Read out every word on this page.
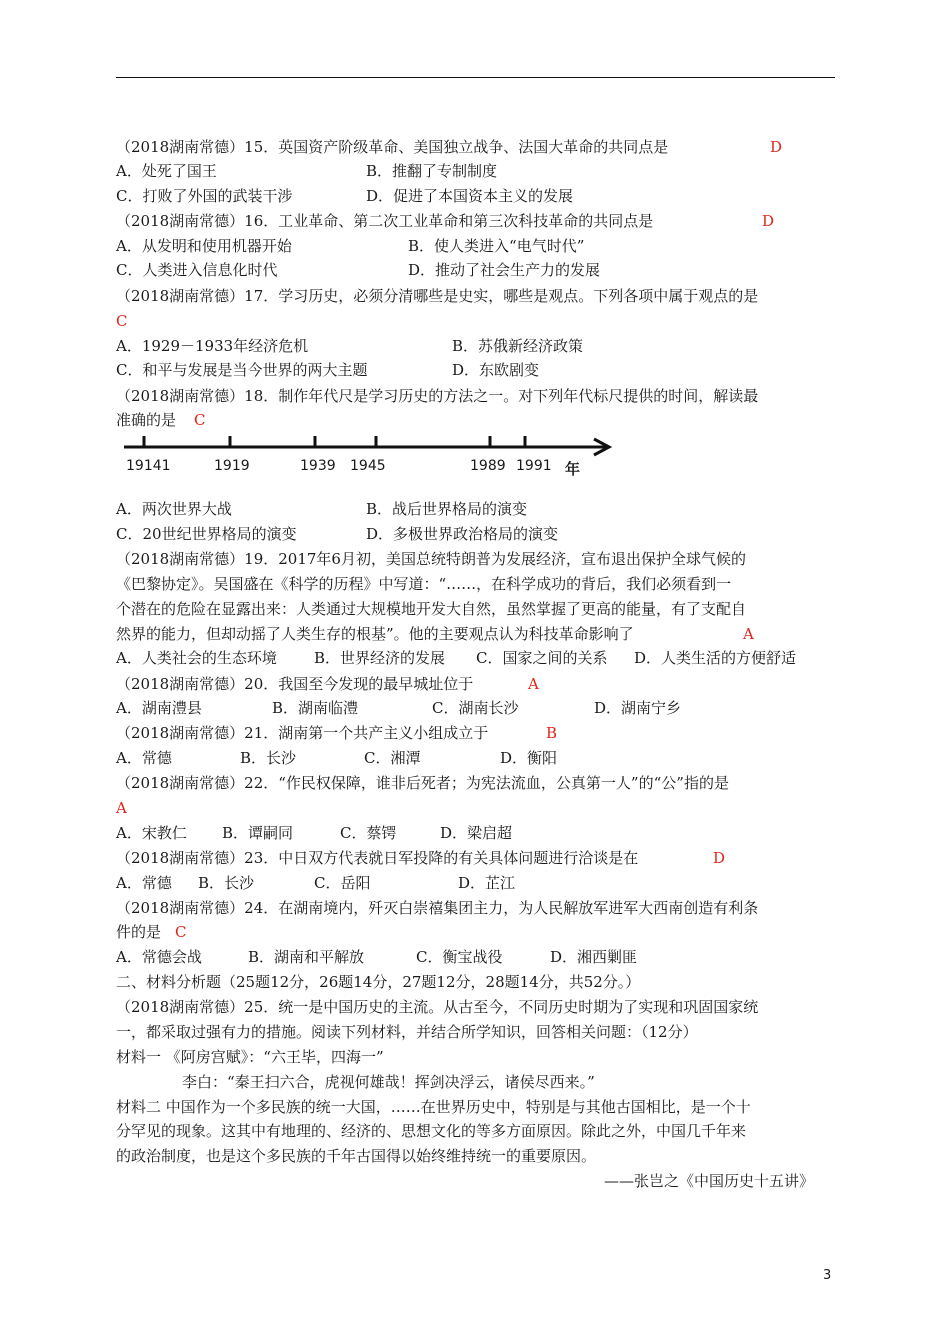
（2018湖南常德）15．英国资产阶级革命、美国独立战争、法国大革命的共同点是	D
A．处死了国王	B．推翻了专制制度
C．打败了外国的武装干涉	D．促进了本国资本主义的发展
（2018湖南常德）16．工业革命、第二次工业革命和第三次科技革命的共同点是	D
A．从发明和使用机器开始	B．使人类进入“电气时代”
C．人类进入信息化时代	D．推动了社会生产力的发展
（2018湖南常德）17．学习历史，必须分清哪些是史实，哪些是观点。下列各项中属于观点的是
C
A．1929－1933年经济危机	B．苏俄新经济政策
C．和平与发展是当今世界的两大主题	D．东欧剧变
（2018湖南常德）18．制作年代尺是学习历史的方法之一。对下列年代标尺提供的时间，解读最
准确的是 C
19141	1919	1939 1945	1989 1991 年
A．两次世界大战	B．战后世界格局的演变
C．20世纪世界格局的演变	D．多极世界政治格局的演变
（2018湖南常德）19．2017年6月初，美国总统特朗普为发展经济，宣布退出保护全球气候的
《巴黎协定》。吴国盛在《科学的历程》中写道：“……，在科学成功的背后，我们必须看到一
个潜在的危险在显露出来：人类通过大规模地开发大自然，虽然掌握了更高的能量，有了支配自
然界的能力，但却动摇了人类生存的根基”。他的主要观点认为科技革命影响了	A
A．人类社会的生态环境 B．世界经济的发展 C．国家之间的关系 D．人类生活的方便舒适
（2018湖南常德）20．我国至今发现的最早城址位于	A
A．湖南澧县	B．湖南临澧	C．湖南长沙	D．湖南宁乡
（2018湖南常德）21．湖南第一个共产主义小组成立于	B
A．常德	B．长沙	C．湘潭	D．衡阳
（2018湖南常德）22．“作民权保障，谁非后死者；为宪法流血，公真第一人”的“公”指的是
A
A．宋教仁 B．谭嗣同	C．蔡锷	D．梁启超
（2018湖南常德）23．中日双方代表就日军投降的有关具体问题进行洽谈是在	D
A．常德 B．长沙	C．岳阳	D．芷江
（2018湖南常德）24．在湖南境内，歼灭白崇禧集团主力，为人民解放军进军大西南创造有利条
件的是 C
A．常德会战	B．湖南和平解放	C．衡宝战役	D．湘西剿匪
二、材料分析题（25题12分，26题14分，27题12分，28题14分，共52分。）
（2018湖南常德）25．统一是中国历史的主流。从古至今，不同历史时期为了实现和巩固国家统
一，都采取过强有力的措施。阅读下列材料，并结合所学知识，回答相关问题：（12分）
材料一 《阿房宫赋》：“六王毕，四海一”
李白：“秦王扫六合，虎视何雄哉！挥剑决浮云，诸侯尽西来。”
材料二 中国作为一个多民族的统一大国，……在世界历史中，特别是与其他古国相比，是一个十
分罕见的现象。这其中有地理的、经济的、思想文化的等多方面原因。除此之外，中国几千年来
的政治制度，也是这个多民族的千年古国得以始终维持统一的重要原因。
——张岂之《中国历史十五讲》
3
